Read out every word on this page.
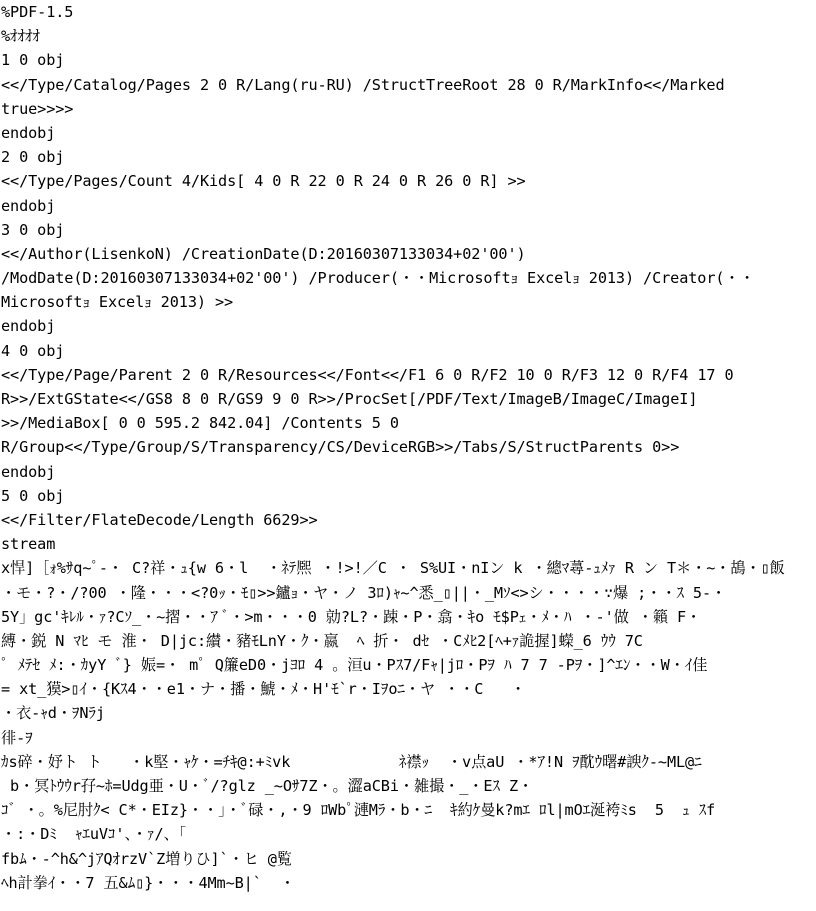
%PDF-1.5
%ｵｵｵｵ
1 0 obj
<</Type/Catalog/Pages 2 0 R/Lang(ru-RU) /StructTreeRoot 28 0 R/MarkInfo<</Marked
true>>>>
endobj
2 0 obj
<</Type/Pages/Count 4/Kids[ 4 0 R 22 0 R 24 0 R 26 0 R] >>
endobj
3 0 obj
<</Author(LisenkoN) /CreationDate(D:20160307133034+02'00')
/ModDate(D:20160307133034+02'00') /Producer(・・Microsoftｮ Excelｮ 2013) /Creator(・・
Microsoftｮ Excelｮ 2013) >>
endobj
4 0 obj
<</Type/Page/Parent 2 0 R/Resources<</Font<</F1 6 0 R/F2 10 0 R/F3 12 0 R/F4 17 0
R>>/ExtGState<</GS8 8 0 R/GS9 9 0 R>>/ProcSet[/PDF/Text/ImageB/ImageC/ImageI]
>>/MediaBox[ 0 0 595.2 842.04] /Contents 5 0
R/Group<</Type/Group/S/Transparency/CS/DeviceRGB>>/Tabs/S/StructParents 0>>
endobj
5 0 obj
<</Filter/FlateDecode/Length 6629>>
stream
x悍]［ｫ%ｻq~ﾟ-・ C?祥・ｭ{w 6・l  ・ﾈﾃ熈 ・!>!／C ・ S%UI・nIン k ・總ﾏ蕁-ｭﾒｧ R ン T＊・~・鴣・▯飯
・モ・?・/?00 ・隆・・・<?0ｯ・ﾓ▯>>鑪ｮ・ヤ・ノ 3ﾛ)ｬ~^悉_▯||・_Mｿ<>シ・・・・∵爆 ;・・ｽ 5-・
5Y」gc'ｷﾚﾙ・ｧ?Cｿ_・~摺・・ｱ ﾞ・>m・・・0 勍?L?・踈・P・翕・ｷo ﾓ$Pｪ・ﾒ・ﾊ ・-'做 ・籟 F・
縛・鋭 N ﾏﾋ モ 淮・ D|jc:纉・豬ﾓLnY・ｸ・嬴  ﾍ 折・ dｾ ・Cﾒﾋ2[ﾍ+ｧ詭握]蠑_6 ｳｳ 7C
ﾟ ﾒﾃｾ ﾒ:・ｶyY ﾞ} 娠=・ mﾟ Q簾eD0・jﾖﾛ 4 。洹u・Pｽ7/Fｬ|jﾛ・Pｦ ﾊ 7 7 -Pｦ・]^ｴﾝ・・W・ｲ佳
= xt_獏>▯ｲ・{Kｽ4・・e1・ナ・播・鯱・ﾒ・H'ﾓ`r・Iｦoﾆ・ヤ ・・C   ・
・衣-ｬd・ｦNﾗj
徘-ｦ
ｶs碎・妤ト ト   ・k堅・ｬｹ・=ﾁｷ@:+ﾐvk            ﾈ襟ｯ  ・v点aU ・*ｱ!N ｦ酖ｳ曙#諛ｸ-~ML@ﾆ
b・冥ﾄｳｳr孖~ﾎ=Udg亜・U・ﾞ/?glz _~Oｻ7Z・。澀aCBi・雑撮・_・Eｽ Z・
ｺ゛・。%尼肘ｸ< C*・EIz}・・」・ﾞ碌・,・9 ﾛWbﾟ漣Mﾗ・b・ﾆ  ｷ約ｹ曼k?mｴ ﾛl|mOｴ涎袴ﾐs  5  ｭ ｽf
・:・Dﾐ  ｬｴuVｺ'、・ｧ/、「
fbﾑ・-^h&^jｱQｵrzV`Z増りひ]`・ヒ @覧
ﾍh計拳ｲ・・7 五&ﾑ▯}・・・4Mm~B|`  ・
